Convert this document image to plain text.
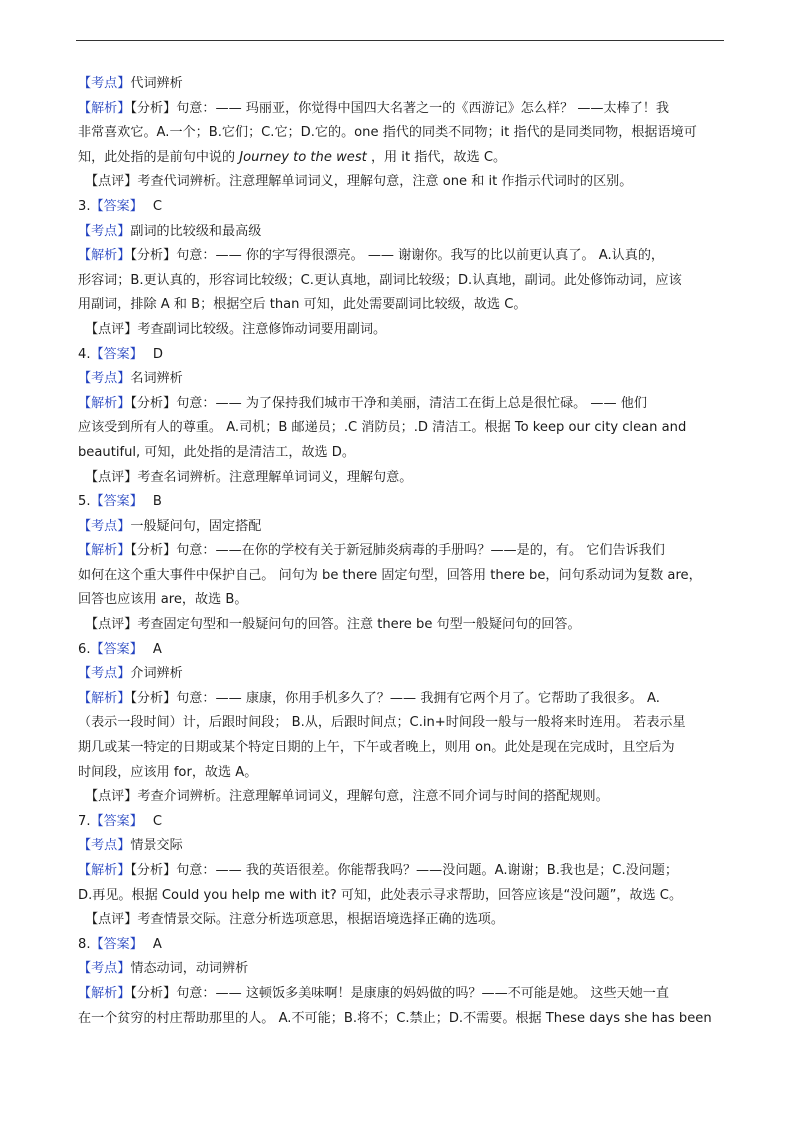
【考点】代词辨析
【解析】【分析】句意：—— 玛丽亚，你觉得中国四大名著之一的《西游记》怎么样？ ——太棒了！我
非常喜欢它。A.一个；B.它们；C.它；D.它的。one 指代的同类不同物；it 指代的是同类同物，根据语境可
知，此处指的是前句中说的 Journey to the west ，用 it 指代，故选 C。
【点评】考查代词辨析。注意理解单词词义，理解句意，注意 one 和 it 作指示代词时的区别。
3.【答案】 C
【考点】副词的比较级和最高级
【解析】【分析】句意：—— 你的字写得很漂亮。 —— 谢谢你。我写的比以前更认真了。 A.认真的，
形容词；B.更认真的，形容词比较级；C.更认真地，副词比较级；D.认真地，副词。此处修饰动词，应该
用副词，排除 A 和 B；根据空后 than 可知，此处需要副词比较级，故选 C。
【点评】考查副词比较级。注意修饰动词要用副词。
4.【答案】 D
【考点】名词辨析
【解析】【分析】句意：—— 为了保持我们城市干净和美丽，清洁工在街上总是很忙碌。 —— 他们
应该受到所有人的尊重。 A.司机；B 邮递员；.C 消防员；.D 清洁工。根据 To keep our city clean and
beautiful, 可知，此处指的是清洁工，故选 D。
【点评】考查名词辨析。注意理解单词词义，理解句意。
5.【答案】 B
【考点】一般疑问句，固定搭配
【解析】【分析】句意：——在你的学校有关于新冠肺炎病毒的手册吗？——是的，有。 它们告诉我们
如何在这个重大事件中保护自己。 问句为 be there 固定句型，回答用 there be，问句系动词为复数 are，
回答也应该用 are，故选 B。
【点评】考查固定句型和一般疑问句的回答。注意 there be 句型一般疑问句的回答。
6.【答案】 A
【考点】介词辨析
【解析】【分析】句意：—— 康康，你用手机多久了？—— 我拥有它两个月了。它帮助了我很多。 A.
（表示一段时间）计，后跟时间段； B.从，后跟时间点；C.in+时间段一般与一般将来时连用。 若表示星
期几或某一特定的日期或某个特定日期的上午，下午或者晚上，则用 on。此处是现在完成时，且空后为
时间段，应该用 for，故选 A。
【点评】考查介词辨析。注意理解单词词义，理解句意，注意不同介词与时间的搭配规则。
7.【答案】 C
【考点】情景交际
【解析】【分析】句意：—— 我的英语很差。你能帮我吗？——没问题。A.谢谢；B.我也是；C.没问题；
D.再见。根据 Could you help me with it? 可知，此处表示寻求帮助，回答应该是“没问题”，故选 C。
【点评】考查情景交际。注意分析选项意思，根据语境选择正确的选项。
8.【答案】 A
【考点】情态动词，动词辨析
【解析】【分析】句意：—— 这顿饭多美味啊！是康康的妈妈做的吗？——不可能是她。 这些天她一直
在一个贫穷的村庄帮助那里的人。 A.不可能；B.将不；C.禁止；D.不需要。根据 These days she has been
